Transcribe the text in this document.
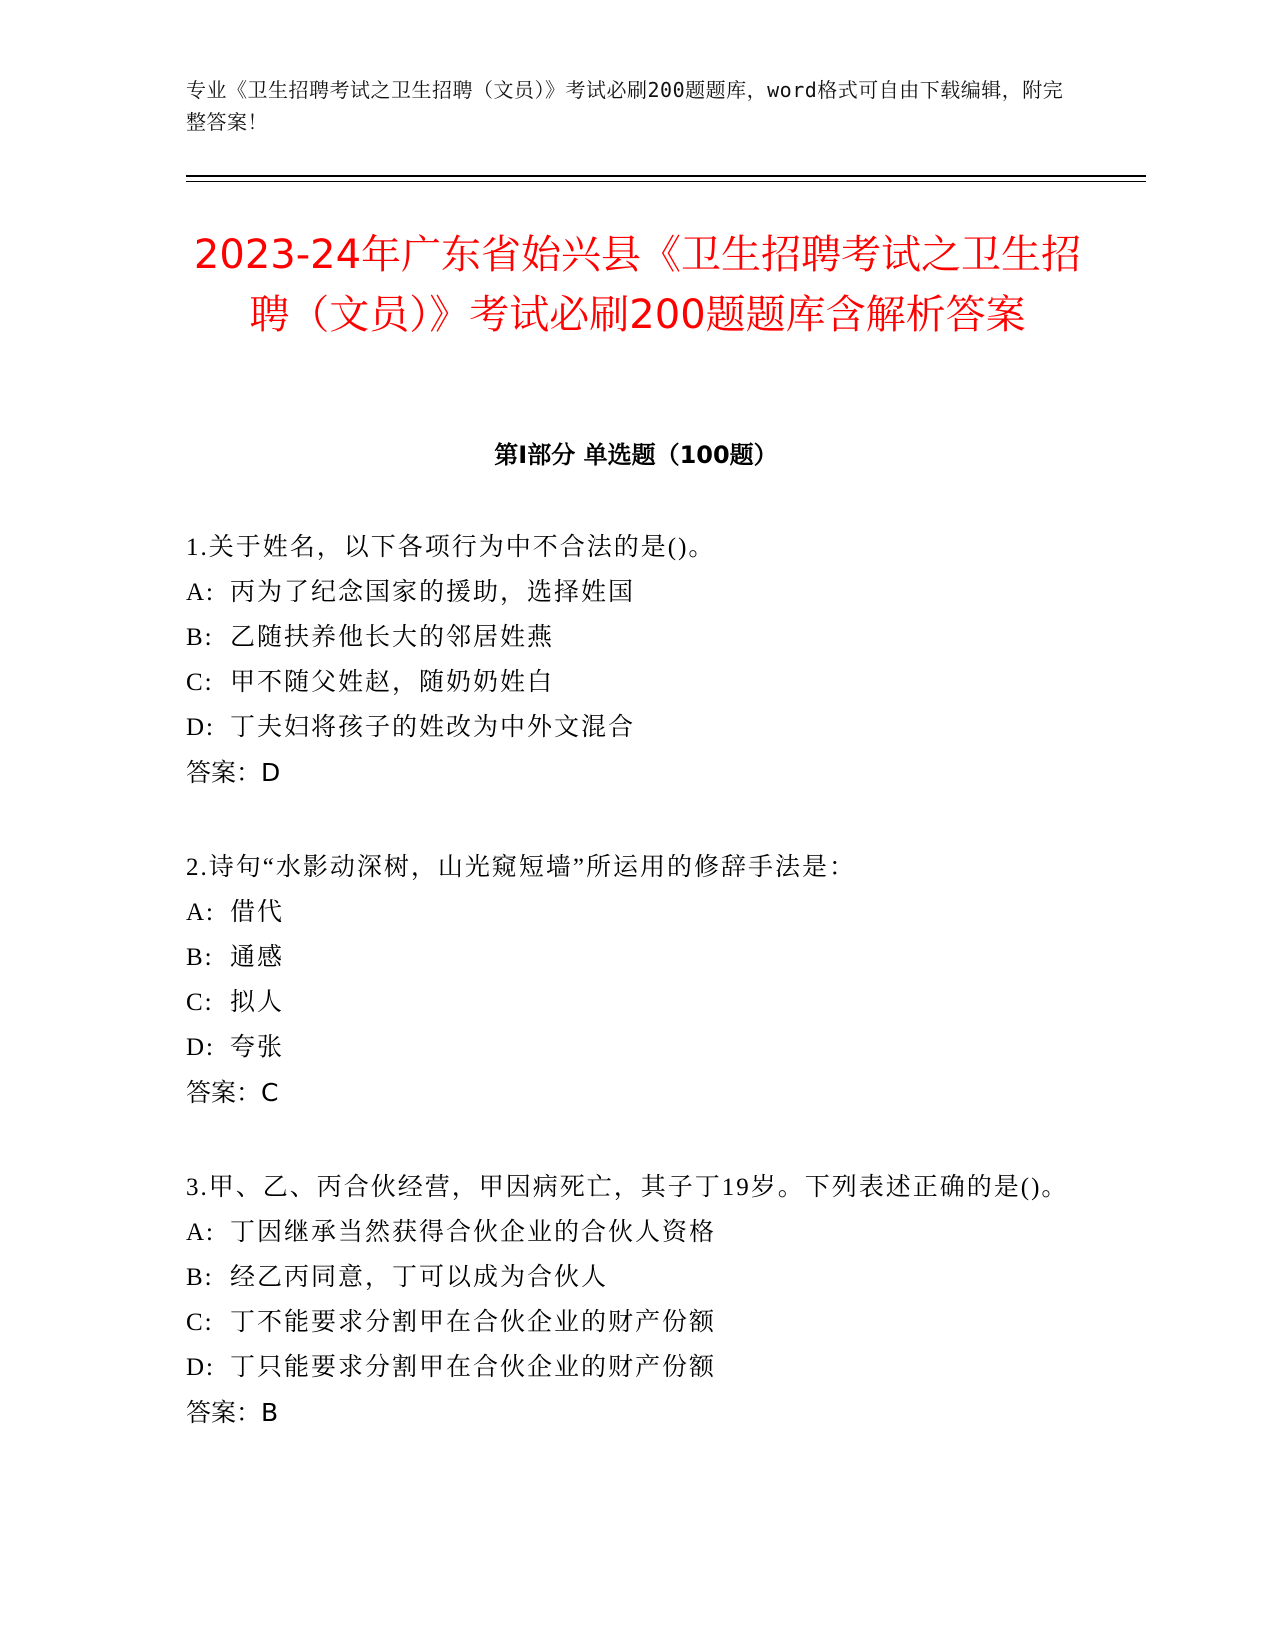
专业《卫生招聘考试之卫生招聘（文员）》考试必刷200题题库，word格式可自由下载编辑，附完整答案！
2023-24年广东省始兴县《卫生招聘考试之卫生招聘（文员）》考试必刷200题题库含解析答案
第Ⅰ部分 单选题（100题）

1.关于姓名，以下各项行为中不合法的是()。

A: 丙为了纪念国家的援助，选择姓国

B: 乙随扶养他长大的邻居姓燕

C: 甲不随父姓赵，随奶奶姓白

D: 丁夫妇将孩子的姓改为中外文混合

答案：D

2.诗句“水影动深树，山光窥短墙”所运用的修辞手法是：

A: 借代

B: 通感

C: 拟人

D: 夸张

答案：C

3.甲、乙、丙合伙经营，甲因病死亡，其子丁19岁。下列表述正确的是()。

A: 丁因继承当然获得合伙企业的合伙人资格

B: 经乙丙同意，丁可以成为合伙人

C: 丁不能要求分割甲在合伙企业的财产份额

D: 丁只能要求分割甲在合伙企业的财产份额

答案：B
